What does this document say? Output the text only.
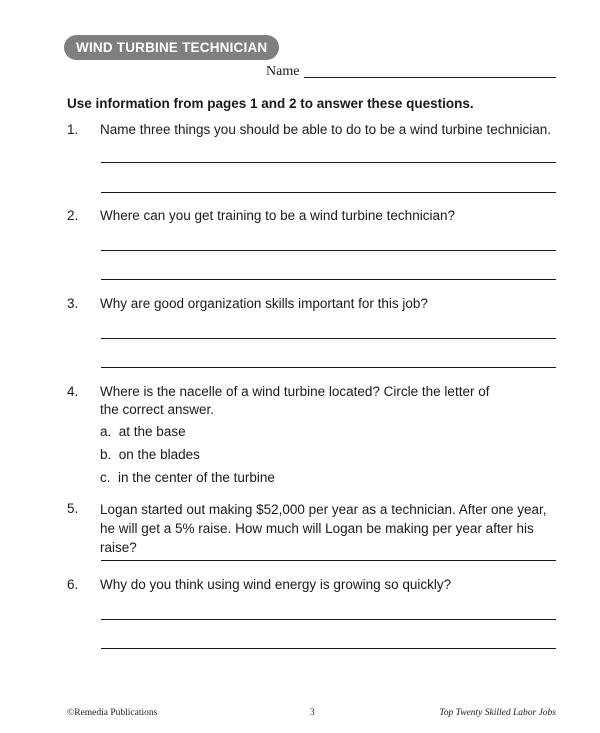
WIND TURBINE TECHNICIAN
Name
Use information from pages 1 and 2 to answer these questions.
1. Name three things you should be able to do to be a wind turbine technician.
2. Where can you get training to be a wind turbine technician?
3. Why are good organization skills important for this job?
4. Where is the nacelle of a wind turbine located? Circle the letter of the correct answer.
a. at the base
b. on the blades
c. in the center of the turbine
5. Logan started out making $52,000 per year as a technician. After one year, he will get a 5% raise. How much will Logan be making per year after his raise?
6. Why do you think using wind energy is growing so quickly?
©Remedia Publications	3	Top Twenty Skilled Labor Jobs
